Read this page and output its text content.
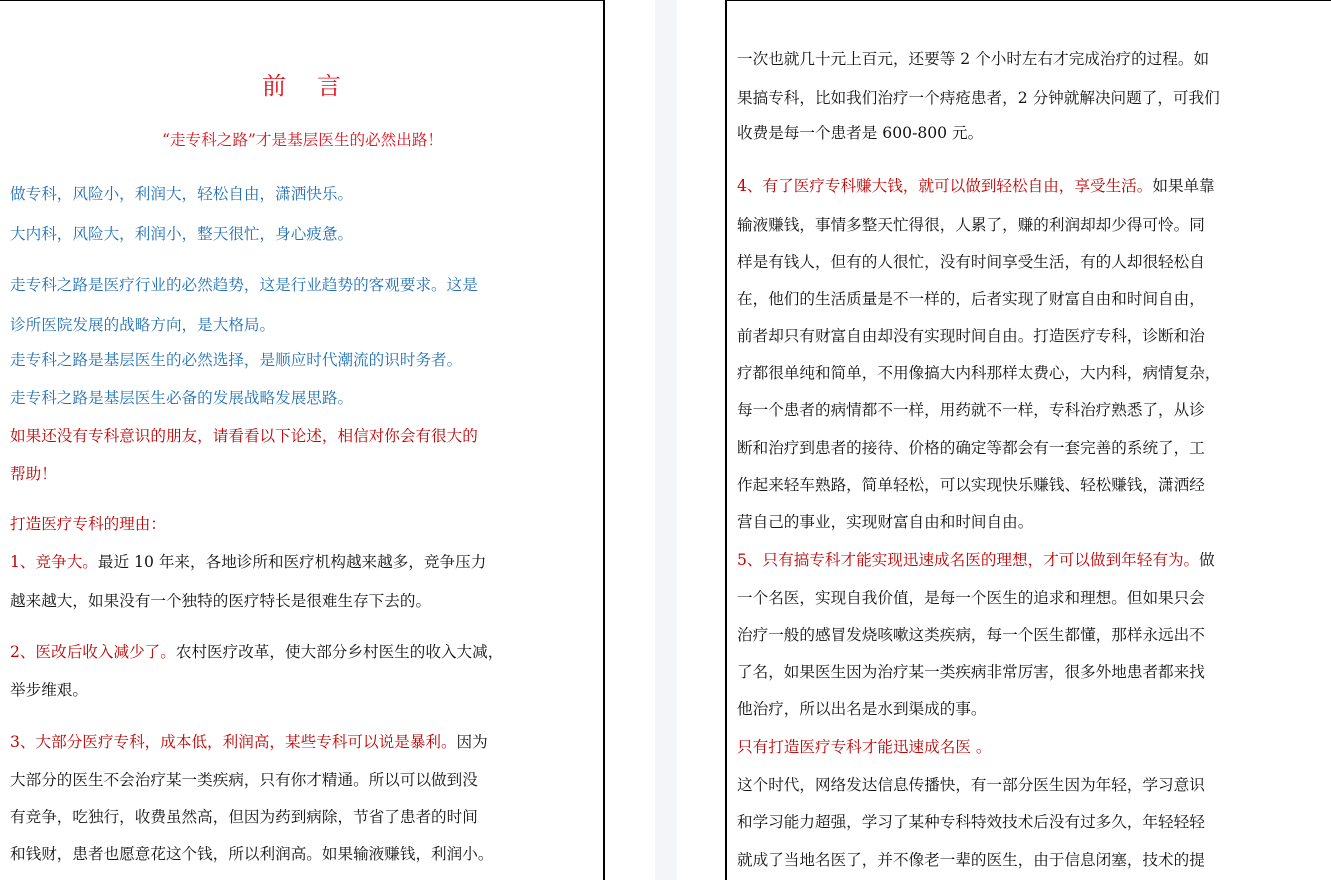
前 言
“走专科之路”才是基层医生的必然出路！
做专科，风险小，利润大，轻松自由，潇洒快乐。
大内科，风险大，利润小，整天很忙，身心疲惫。
走专科之路是医疗行业的必然趋势，这是行业趋势的客观要求。这是
诊所医院发展的战略方向，是大格局。
走专科之路是基层医生的必然选择，是顺应时代潮流的识时务者。
走专科之路是基层医生必备的发展战略发展思路。
如果还没有专科意识的朋友，请看看以下论述，相信对你会有很大的
帮助！
打造医疗专科的理由：
1、竞争大。最近 10 年来，各地诊所和医疗机构越来越多，竞争压力
越来越大，如果没有一个独特的医疗特长是很难生存下去的。
2、医改后收入减少了。农村医疗改革，使大部分乡村医生的收入大减，
举步维艰。
3、大部分医疗专科，成本低，利润高，某些专科可以说是暴利。因为
大部分的医生不会治疗某一类疾病，只有你才精通。所以可以做到没
有竞争，吃独行，收费虽然高，但因为药到病除，节省了患者的时间
和钱财，患者也愿意花这个钱，所以利润高。如果输液赚钱，利润小。
一次也就几十元上百元，还要等 2 个小时左右才完成治疗的过程。如
果搞专科，比如我们治疗一个痔疮患者，2 分钟就解决问题了，可我们
收费是每一个患者是 600-800 元。
4、有了医疗专科赚大钱，就可以做到轻松自由，享受生活。如果单靠
输液赚钱，事情多整天忙得很，人累了，赚的利润却却少得可怜。同
样是有钱人，但有的人很忙，没有时间享受生活，有的人却很轻松自
在，他们的生活质量是不一样的，后者实现了财富自由和时间自由，
前者却只有财富自由却没有实现时间自由。打造医疗专科，诊断和治
疗都很单纯和简单，不用像搞大内科那样太费心，大内科，病情复杂，
每一个患者的病情都不一样，用药就不一样，专科治疗熟悉了，从诊
断和治疗到患者的接待、价格的确定等都会有一套完善的系统了，工
作起来轻车熟路，简单轻松，可以实现快乐赚钱、轻松赚钱，潇洒经
营自己的事业，实现财富自由和时间自由。
5、只有搞专科才能实现迅速成名医的理想，才可以做到年轻有为。做
一个名医，实现自我价值，是每一个医生的追求和理想。但如果只会
治疗一般的感冒发烧咳嗽这类疾病，每一个医生都懂，那样永远出不
了名，如果医生因为治疗某一类疾病非常厉害，很多外地患者都来找
他治疗，所以出名是水到渠成的事。
只有打造医疗专科才能迅速成名医 。
这个时代，网络发达信息传播快，有一部分医生因为年轻，学习意识
和学习能力超强，学习了某种专科特效技术后没有过多久，年轻轻轻
就成了当地名医了，并不像老一辈的医生，由于信息闭塞，技术的提
